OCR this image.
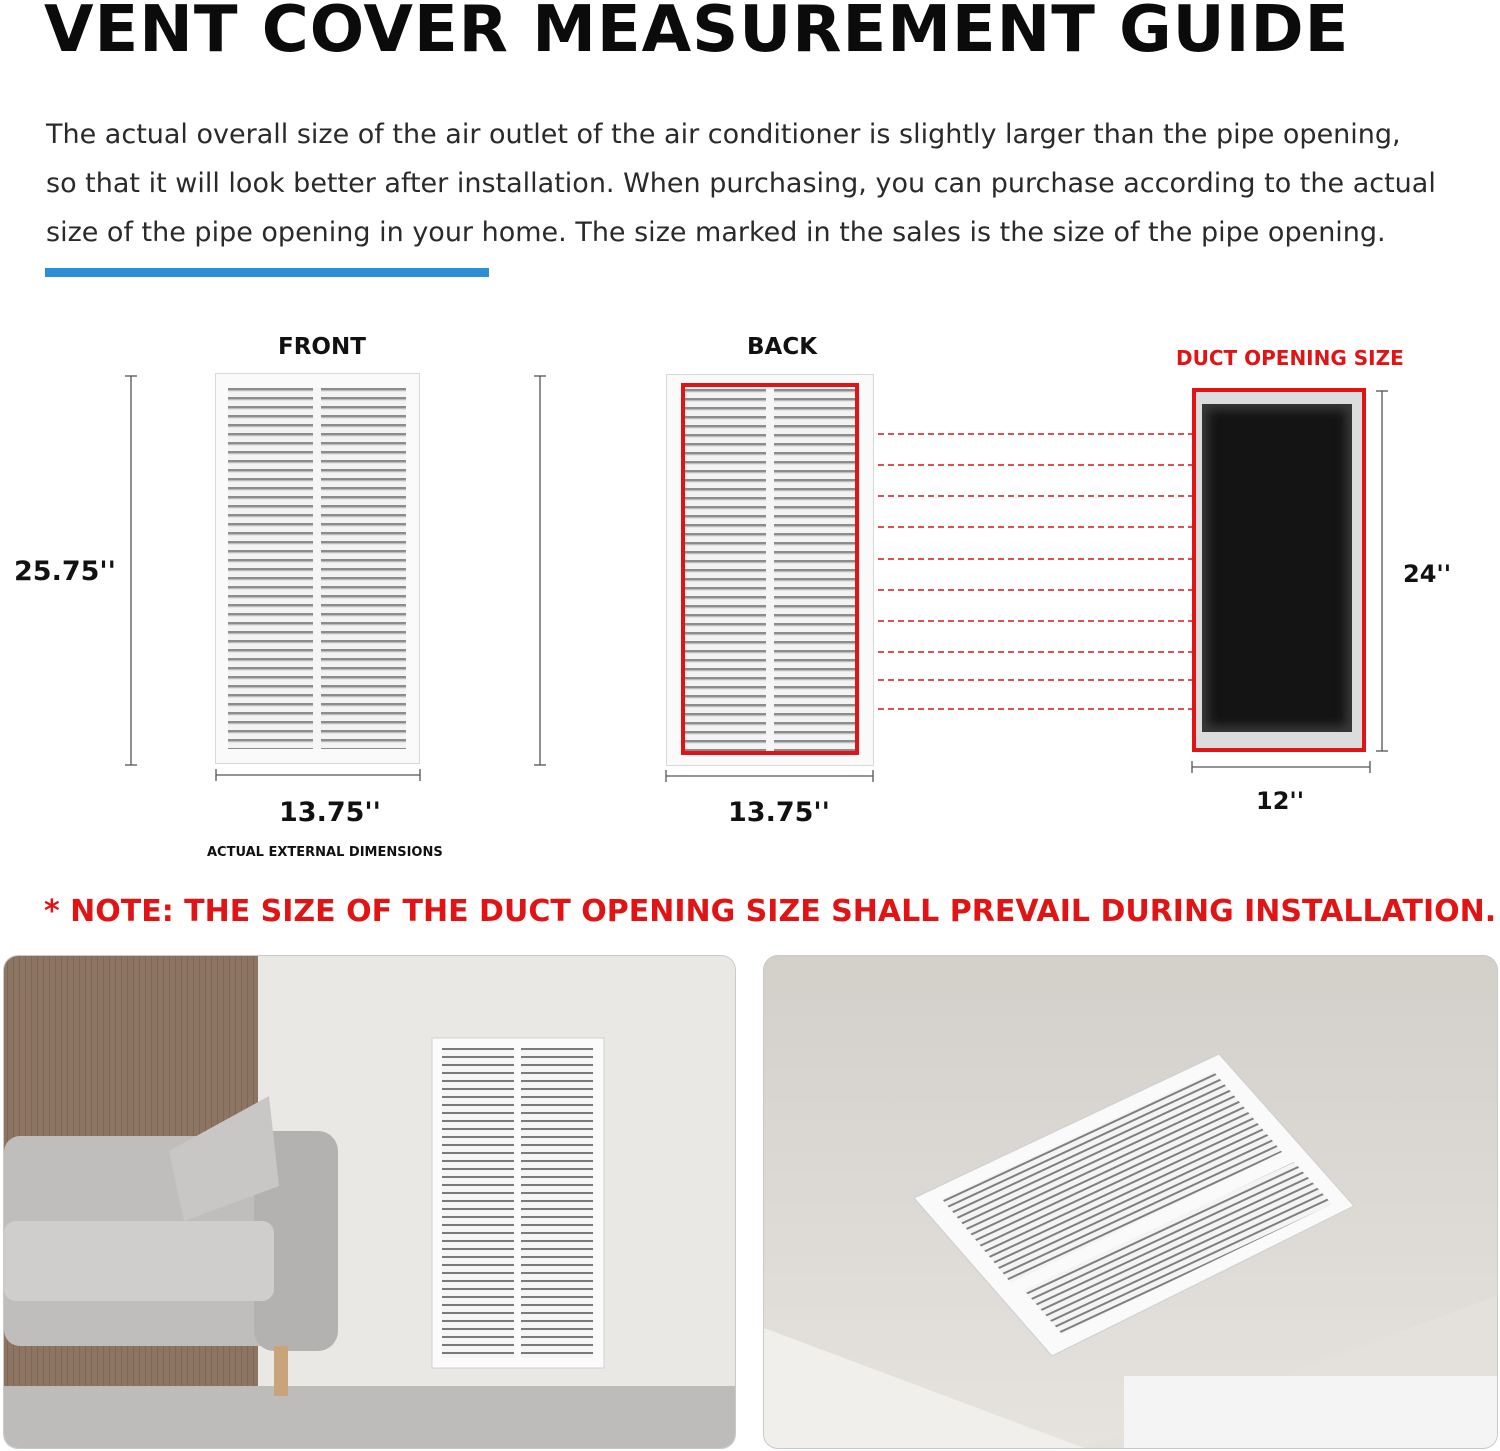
VENT COVER MEASUREMENT GUIDE
The actual overall size of the air outlet of the air conditioner is slightly larger than the pipe opening,
so that it will look better after installation. When purchasing, you can purchase according to the actual
size of the pipe opening in your home. The size marked in the sales is the size of the pipe opening.
FRONT	BACK	DUCT OPENING SIZE
25.75''
13.75''
ACTUAL EXTERNAL DIMENSIONS
13.75''
24''
12''
* NOTE: THE SIZE OF THE DUCT OPENING SIZE SHALL PREVAIL DURING INSTALLATION.
